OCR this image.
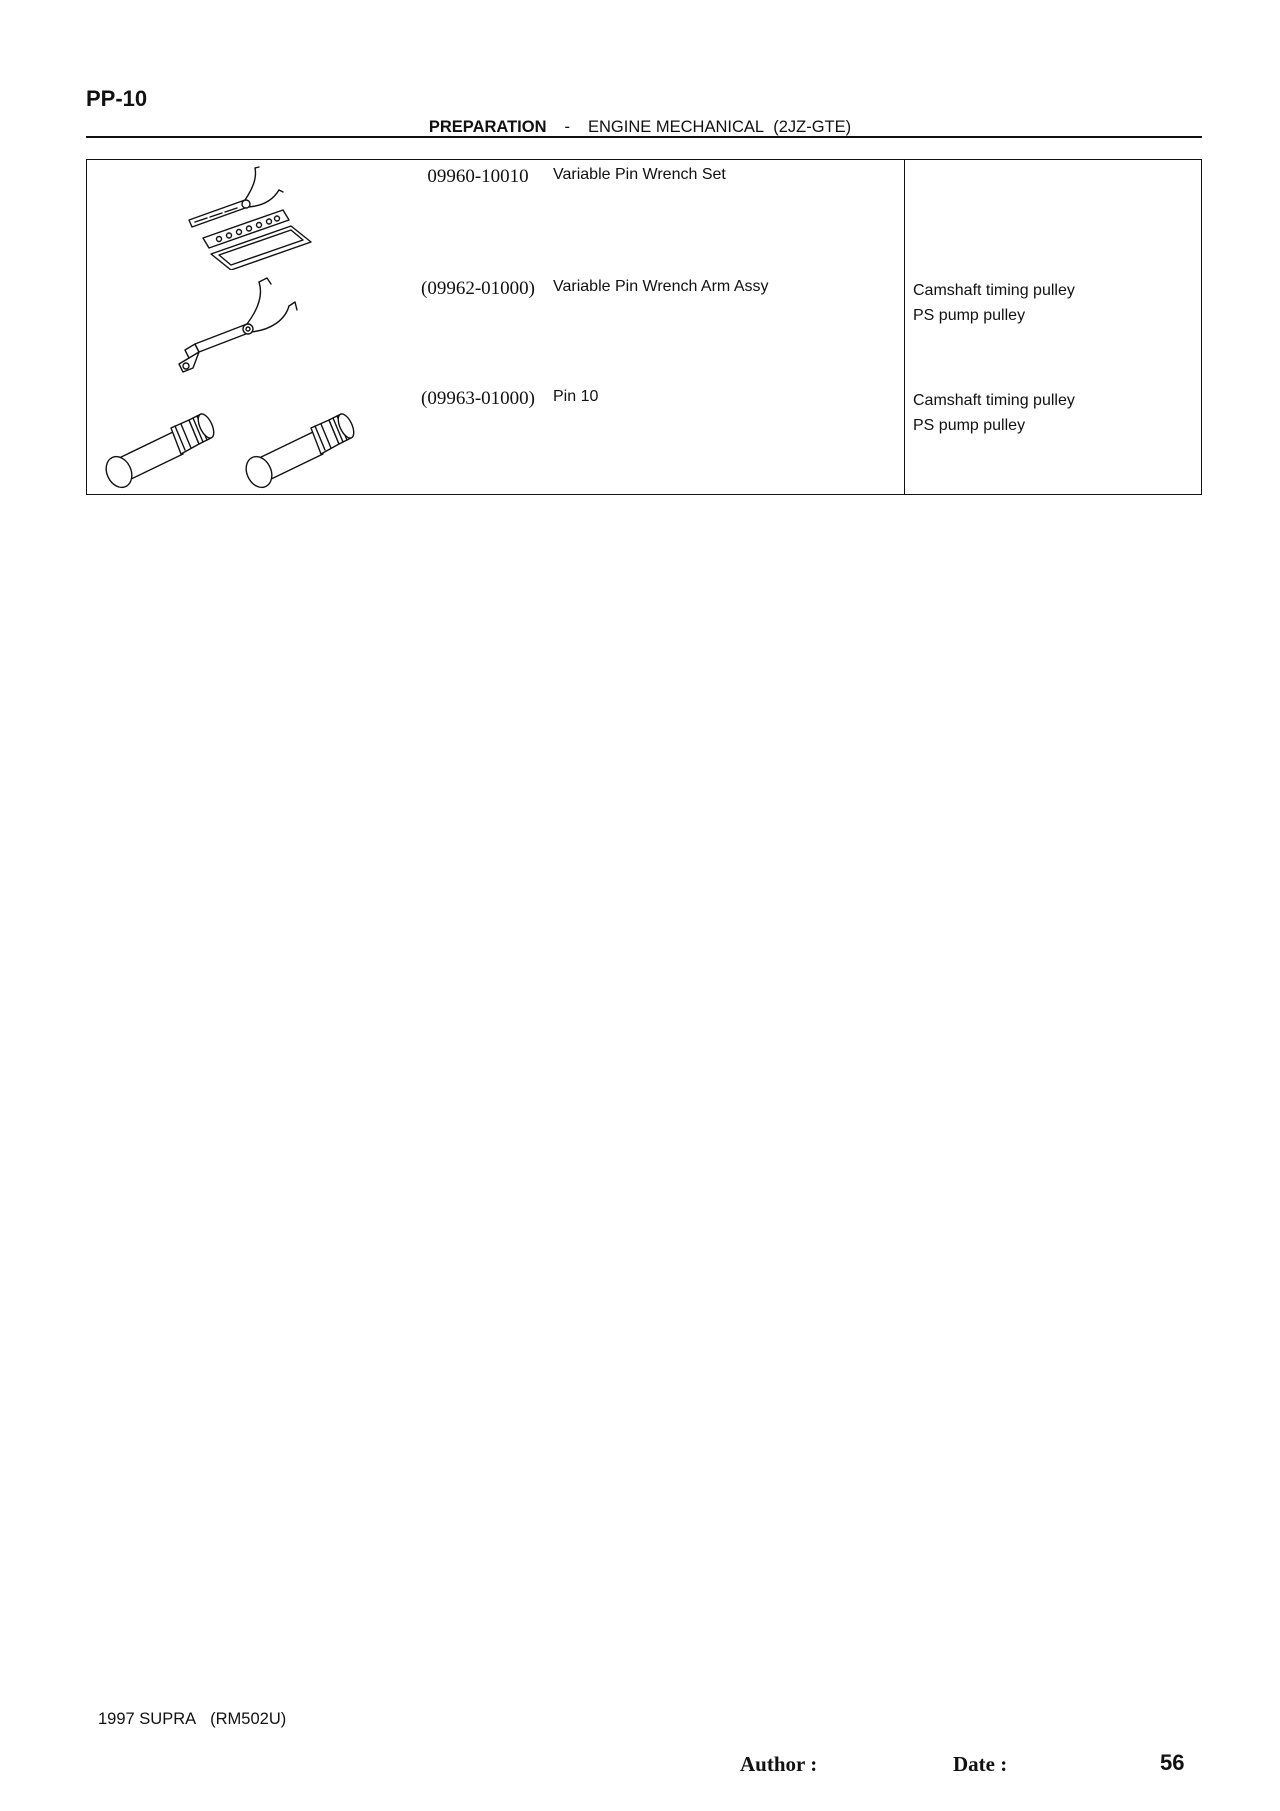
PP-10
PREPARATION - ENGINE MECHANICAL (2JZ-GTE)
09960-10010	Variable Pin Wrench Set
(09962-01000)	Variable Pin Wrench Arm Assy	Camshaft timing pulley
PS pump pulley
(09963-01000)	Pin 10	Camshaft timing pulley
PS pump pulley
1997 SUPRA (RM502U)
Author :	Date :	56
